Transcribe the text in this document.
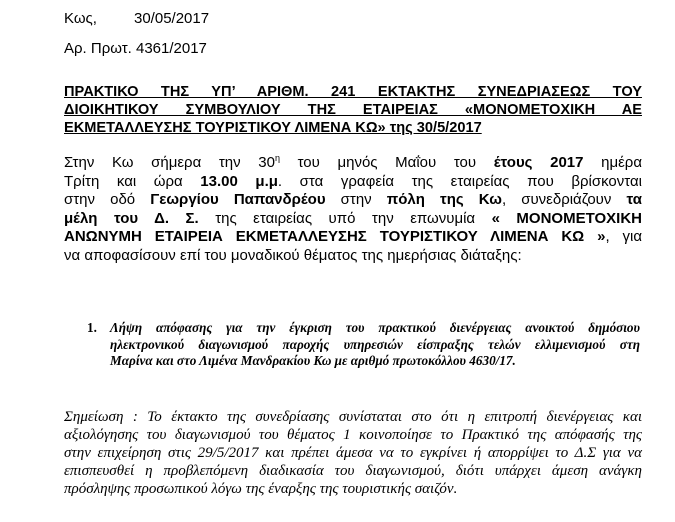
Κως, 30/05/2017
Αρ. Πρωτ. 4361/2017
ΠΡΑΚΤΙΚΟ ΤΗΣ ΥΠ’ ΑΡΙΘΜ. 241 ΕΚΤΑΚΤΗΣ ΣΥΝΕΔΡΙΑΣΕΩΣ ΤΟΥ
ΔΙΟΙΚΗΤΙΚΟΥ ΣΥΜΒΟΥΛΙΟΥ ΤΗΣ ΕΤΑΙΡΕΙΑΣ «ΜΟΝΟΜΕΤΟΧΙΚΗ ΑΕ
ΕΚΜΕΤΑΛΛΕΥΣΗΣ ΤΟΥΡΙΣΤΙΚΟΥ ΛΙΜΕΝΑ ΚΩ» της 30/5/2017
Στην Κω σήμερα την $30^\eta$ του μηνός Μαΐου του έτους 2017 ημέρα
Τρίτη και ώρα 13.00 μ.μ. στα γραφεία της εταιρείας που βρίσκονται
στην οδό Γεωργίου Παπανδρέου στην πόλη της Κω, συνεδριάζουν τα
μέλη του Δ. Σ. της εταιρείας υπό την επωνυμία « ΜΟΝΟΜΕΤΟΧΙΚΗ
ΑΝΩΝΥΜΗ ΕΤΑΙΡΕΙΑ ΕΚΜΕΤΑΛΛΕΥΣΗΣ ΤΟΥΡΙΣΤΙΚΟΥ ΛΙΜΕΝΑ ΚΩ », για
να αποφασίσουν επί του μοναδικού θέματος της ημερήσιας διάταξης:
1. Λήψη απόφασης για την έγκριση του πρακτικού διενέργειας ανοικτού δημόσιου
ηλεκτρονικού διαγωνισμού παροχής υπηρεσιών είσπραξης τελών ελλιμενισμού στη
Μαρίνα και στο Λιμένα Μανδρακίου Κω με αριθμό πρωτοκόλλου 4630/17.
Σημείωση : Το έκτακτο της συνεδρίασης συνίσταται στο ότι η επιτροπή διενέργειας και
αξιολόγησης του διαγωνισμού του θέματος 1 κοινοποίησε το Πρακτικό της απόφασής της
στην επιχείρηση στις 29/5/2017 και πρέπει άμεσα να το εγκρίνει ή απορρίψει το Δ.Σ για να
επισπευσθεί η προβλεπόμενη διαδικασία του διαγωνισμού, διότι υπάρχει άμεση ανάγκη
πρόσληψης προσωπικού λόγω της έναρξης της τουριστικής σαιζόν.
